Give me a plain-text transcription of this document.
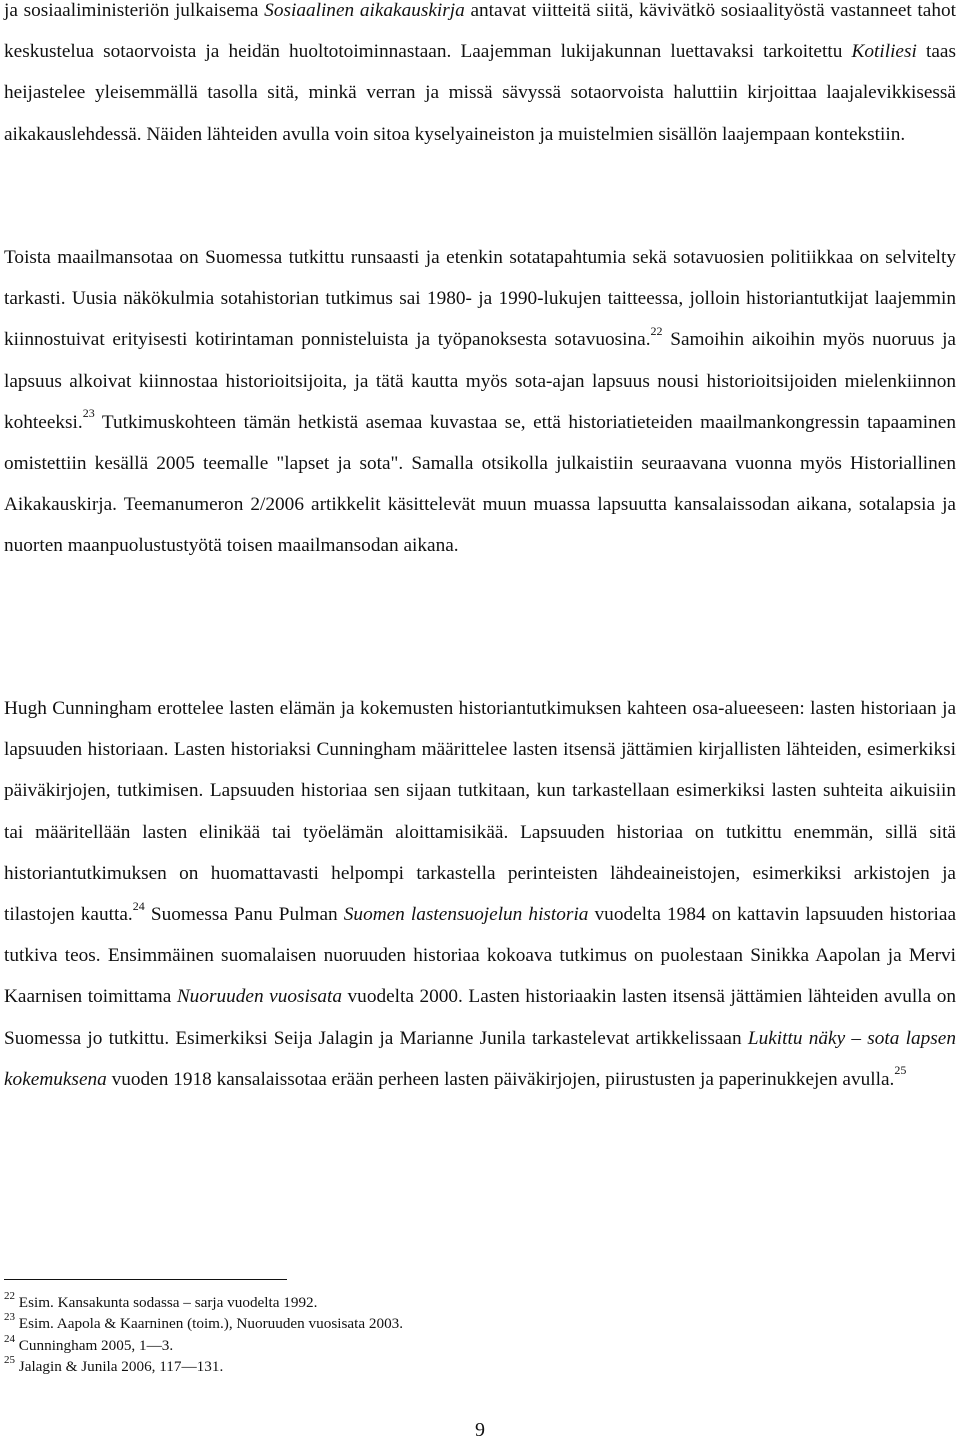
ja sosiaaliministeriön julkaisema Sosiaalinen aikakauskirja antavat viitteitä siitä, kävivätkö sosiaalityöstä vastanneet tahot keskustelua sotaorvoista ja heidän huoltotoiminnastaan. Laajemman lukijakunnan luettavaksi tarkoitettu Kotiliesi taas heijastelee yleisemmällä tasolla sitä, minkä verran ja missä sävyssä sotaorvoista haluttiin kirjoittaa laajalevikkisessä aikakauslehdessä. Näiden lähteiden avulla voin sitoa kyselyaineiston ja muistelmien sisällön laajempaan kontekstiin.

Toista maailmansotaa on Suomessa tutkittu runsaasti ja etenkin sotatapahtumia sekä sotavuosien politiikkaa on selvitelty tarkasti. Uusia näkökulmia sotahistorian tutkimus sai 1980- ja 1990-lukujen taitteessa, jolloin historiantutkijat laajemmin kiinnostuivat erityisesti kotirintaman ponnisteluista ja työpanoksesta sotavuosina.$^{22}$ Samoihin aikoihin myös nuoruus ja lapsuus alkoivat kiinnostaa historioitsijoita, ja tätä kautta myös sota-ajan lapsuus nousi historioitsijoiden mielenkiinnon kohteeksi.$^{23}$ Tutkimuskohteen tämän hetkistä asemaa kuvastaa se, että historiatieteiden maailmankongressin tapaaminen omistettiin kesällä 2005 teemalle "lapset ja sota". Samalla otsikolla julkaistiin seuraavana vuonna myös Historiallinen Aikakauskirja. Teemanumeron 2/2006 artikkelit käsittelevät muun muassa lapsuutta kansalaissodan aikana, sotalapsia ja nuorten maanpuolustustyötä toisen maailmansodan aikana.

Hugh Cunningham erottelee lasten elämän ja kokemusten historiantutkimuksen kahteen osa-alueeseen: lasten historiaan ja lapsuuden historiaan. Lasten historiaksi Cunningham määrittelee lasten itsensä jättämien kirjallisten lähteiden, esimerkiksi päiväkirjojen, tutkimisen. Lapsuuden historiaa sen sijaan tutkitaan, kun tarkastellaan esimerkiksi lasten suhteita aikuisiin tai määritellään lasten elinikää tai työelämän aloittamisikää. Lapsuuden historiaa on tutkittu enemmän, sillä sitä historiantutkimuksen on huomattavasti helpompi tarkastella perinteisten lähdeaineistojen, esimerkiksi arkistojen ja tilastojen kautta.$^{24}$ Suomessa Panu Pulman Suomen lastensuojelun historia vuodelta 1984 on kattavin lapsuuden historiaa tutkiva teos. Ensimmäinen suomalaisen nuoruuden historiaa kokoava tutkimus on puolestaan Sinikka Aapolan ja Mervi Kaarnisen toimittama Nuoruuden vuosisata vuodelta 2000. Lasten historiaakin lasten itsensä jättämien lähteiden avulla on Suomessa jo tutkittu. Esimerkiksi Seija Jalagin ja Marianne Junila tarkastelevat artikkelissaan Lukittu näky – sota lapsen kokemuksena vuoden 1918 kansalaissotaa erään perheen lasten päiväkirjojen, piirustusten ja paperinukkejen avulla.$^{25}$

$^{22}$ Esim. Kansakunta sodassa – sarja vuodelta 1992.

$^{23}$ Esim. Aapola & Kaarninen (toim.), Nuoruuden vuosisata 2003.

$^{24}$ Cunningham 2005, 1—3.

$^{25}$ Jalagin & Junila 2006, 117—131.

9
